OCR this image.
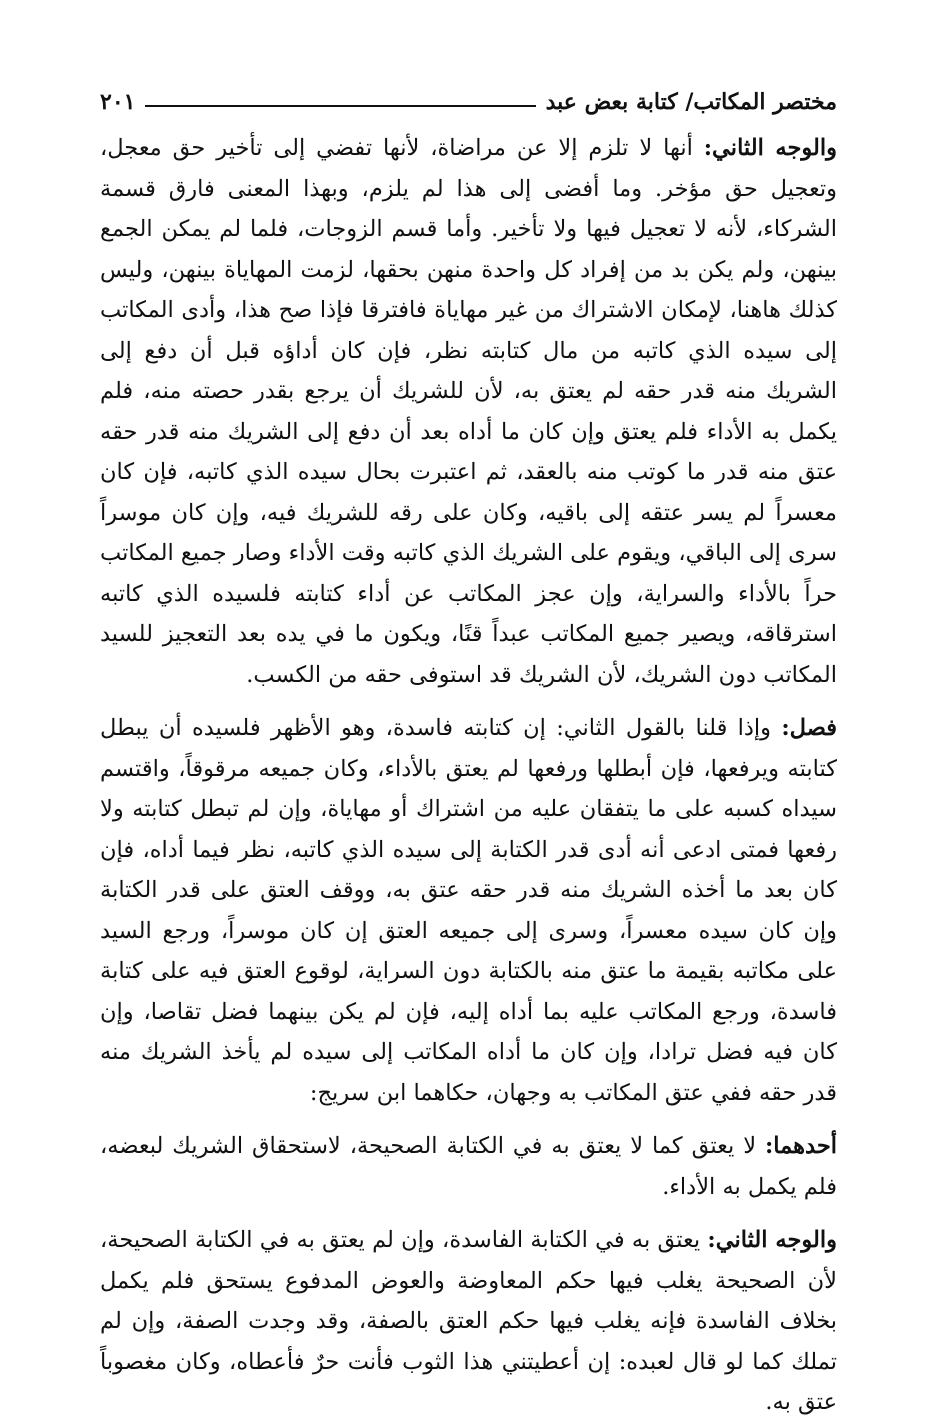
مختصر المكاتب/ كتابة بعض عبد
٢٠١

والوجه الثاني: أنها لا تلزم إلا عن مراضاة، لأنها تفضي إلى تأخير حق معجل، وتعجيل حق مؤخر. وما أفضى إلى هذا لم يلزم، وبهذا المعنى فارق قسمة الشركاء، لأنه لا تعجيل فيها ولا تأخير. وأما قسم الزوجات، فلما لم يمكن الجمع بينهن، ولم يكن بد من إفراد كل واحدة منهن بحقها، لزمت المهاياة بينهن، وليس كذلك هاهنا، لإمكان الاشتراك من غير مهاياة فافترقا فإذا صح هذا، وأدى المكاتب إلى سيده الذي كاتبه من مال كتابته نظر، فإن كان أداؤه قبل أن دفع إلى الشريك منه قدر حقه لم يعتق به، لأن للشريك أن يرجع بقدر حصته منه، فلم يكمل به الأداء فلم يعتق وإن كان ما أداه بعد أن دفع إلى الشريك منه قدر حقه عتق منه قدر ما كوتب منه بالعقد، ثم اعتبرت بحال سيده الذي كاتبه، فإن كان معسراً لم يسر عتقه إلى باقيه، وكان على رقه للشريك فيه، وإن كان موسراً سرى إلى الباقي، ويقوم على الشريك الذي كاتبه وقت الأداء وصار جميع المكاتب حراً بالأداء والسراية، وإن عجز المكاتب عن أداء كتابته فلسيده الذي كاتبه استرقاقه، ويصير جميع المكاتب عبداً قنًا، ويكون ما في يده بعد التعجيز للسيد المكاتب دون الشريك، لأن الشريك قد استوفى حقه من الكسب.

فصل: وإذا قلنا بالقول الثاني: إن كتابته فاسدة، وهو الأظهر فلسيده أن يبطل كتابته ويرفعها، فإن أبطلها ورفعها لم يعتق بالأداء، وكان جميعه مرقوقاً، واقتسم سيداه كسبه على ما يتفقان عليه من اشتراك أو مهاياة، وإن لم تبطل كتابته ولا رفعها فمتى ادعى أنه أدى قدر الكتابة إلى سيده الذي كاتبه، نظر فيما أداه، فإن كان بعد ما أخذه الشريك منه قدر حقه عتق به، ووقف العتق على قدر الكتابة وإن كان سيده معسراً، وسرى إلى جميعه العتق إن كان موسراً، ورجع السيد على مكاتبه بقيمة ما عتق منه بالكتابة دون السراية، لوقوع العتق فيه على كتابة فاسدة، ورجع المكاتب عليه بما أداه إليه، فإن لم يكن بينهما فضل تقاصا، وإن كان فيه فضل ترادا، وإن كان ما أداه المكاتب إلى سيده لم يأخذ الشريك منه قدر حقه ففي عتق المكاتب به وجهان، حكاهما ابن سريج:

أحدهما: لا يعتق كما لا يعتق به في الكتابة الصحيحة، لاستحقاق الشريك لبعضه، فلم يكمل به الأداء.

والوجه الثاني: يعتق به في الكتابة الفاسدة، وإن لم يعتق به في الكتابة الصحيحة، لأن الصحيحة يغلب فيها حكم المعاوضة والعوض المدفوع يستحق فلم يكمل بخلاف الفاسدة فإنه يغلب فيها حكم العتق بالصفة، وقد وجدت الصفة، وإن لم تملك كما لو قال لعبده: إن أعطيتني هذا الثوب فأنت حرٌ فأعطاه، وكان مغصوباً عتق به.
